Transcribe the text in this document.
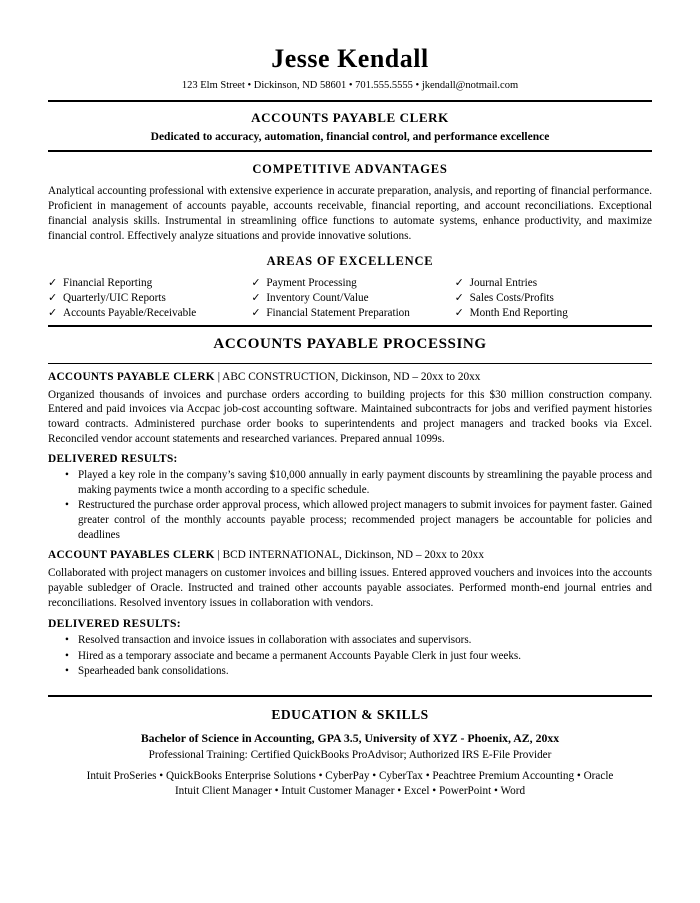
Jesse Kendall
123 Elm Street • Dickinson, ND 58601 • 701.555.5555 • jkendall@notmail.com
ACCOUNTS PAYABLE CLERK
Dedicated to accuracy, automation, financial control, and performance excellence
COMPETITIVE ADVANTAGES

Analytical accounting professional with extensive experience in accurate preparation, analysis, and reporting of financial performance. Proficient in management of accounts payable, accounts receivable, financial reporting, and account reconciliations. Exceptional financial analysis skills. Instrumental in streamlining office functions to automate systems, enhance productivity, and maximize financial control. Effectively analyze situations and provide innovative solutions.

AREAS OF EXCELLENCE
✓ Financial Reporting	✓ Payment Processing	✓ Journal Entries
✓ Quarterly/UIC Reports	✓ Inventory Count/Value	✓ Sales Costs/Profits
✓ Accounts Payable/Receivable	✓ Financial Statement Preparation	✓ Month End Reporting
ACCOUNTS PAYABLE PROCESSING
ACCOUNTS PAYABLE CLERK | ABC CONSTRUCTION, Dickinson, ND – 20xx to 20xx

Organized thousands of invoices and purchase orders according to building projects for this $30 million construction company. Entered and paid invoices via Accpac job-cost accounting software. Maintained subcontracts for jobs and verified payment histories toward contracts. Administered purchase order books to superintendents and project managers and tracked books via Excel. Reconciled vendor account statements and researched variances. Prepared annual 1099s.

DELIVERED RESULTS:
• Played a key role in the company’s saving $10,000 annually in early payment discounts by streamlining the payable process and making payments twice a month according to a specific schedule.
• Restructured the purchase order approval process, which allowed project managers to submit invoices for payment faster. Gained greater control of the monthly accounts payable process; recommended project managers be accountable for policies and deadlines
ACCOUNT PAYABLES CLERK | BCD INTERNATIONAL, Dickinson, ND – 20xx to 20xx

Collaborated with project managers on customer invoices and billing issues. Entered approved vouchers and invoices into the accounts payable subledger of Oracle. Instructed and trained other accounts payable associates. Performed month-end journal entries and reconciliations. Resolved inventory issues in collaboration with vendors.

DELIVERED RESULTS:
• Resolved transaction and invoice issues in collaboration with associates and supervisors.
• Hired as a temporary associate and became a permanent Accounts Payable Clerk in just four weeks.
• Spearheaded bank consolidations.
EDUCATION & SKILLS
Bachelor of Science in Accounting, GPA 3.5, University of XYZ - Phoenix, AZ, 20xx
Professional Training: Certified QuickBooks ProAdvisor; Authorized IRS E-File Provider
Intuit ProSeries • QuickBooks Enterprise Solutions • CyberPay • CyberTax • Peachtree Premium Accounting • Oracle
Intuit Client Manager • Intuit Customer Manager • Excel • PowerPoint • Word
